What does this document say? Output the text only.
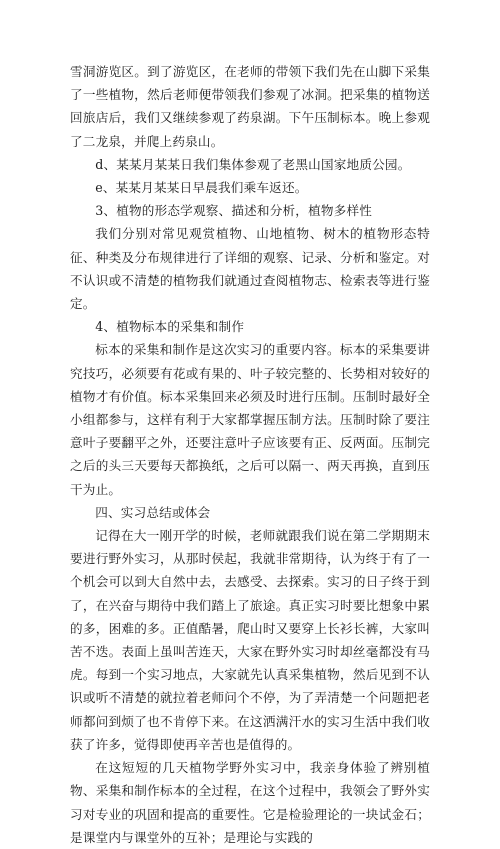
雪洞游览区。到了游览区，在老师的带领下我们先在山脚下采集了一些植物，然后老师便带领我们参观了冰洞。把采集的植物送回旅店后，我们又继续参观了药泉湖。下午压制标本。晚上参观了二龙泉，并爬上药泉山。

d、某某月某某日我们集体参观了老黑山国家地质公园。

e、某某月某某日早晨我们乘车返还。

3、植物的形态学观察、描述和分析，植物多样性

我们分别对常见观赏植物、山地植物、树木的植物形态特征、种类及分布规律进行了详细的观察、记录、分析和鉴定。对不认识或不清楚的植物我们就通过查阅植物志、检索表等进行鉴定。

4、植物标本的采集和制作

标本的采集和制作是这次实习的重要内容。标本的采集要讲究技巧，必须要有花或有果的、叶子较完整的、长势相对较好的植物才有价值。标本采集回来必须及时进行压制。压制时最好全小组都参与，这样有利于大家都掌握压制方法。压制时除了要注意叶子要翻平之外，还要注意叶子应该要有正、反两面。压制完之后的头三天要每天都换纸，之后可以隔一、两天再换，直到压干为止。

四、实习总结或体会

记得在大一刚开学的时候，老师就跟我们说在第二学期期末要进行野外实习，从那时侯起，我就非常期待，认为终于有了一个机会可以到大自然中去，去感受、去探索。实习的日子终于到了，在兴奋与期待中我们踏上了旅途。真正实习时要比想象中累的多，困难的多。正值酷暑，爬山时又要穿上长衫长裤，大家叫苦不迭。表面上虽叫苦连天，大家在野外实习时却丝毫都没有马虎。每到一个实习地点，大家就先认真采集植物，然后见到不认识或听不清楚的就拉着老师问个不停，为了弄清楚一个问题把老师都问到烦了也不肯停下来。在这洒满汗水的实习生活中我们收获了许多，觉得即使再辛苦也是值得的。

在这短短的几天植物学野外实习中，我亲身体验了辨别植物、采集和制作标本的全过程，在这个过程中，我领会了野外实习对专业的巩固和提高的重要性。它是检验理论的一块试金石；是课堂内与课堂外的互补；是理论与实践的
